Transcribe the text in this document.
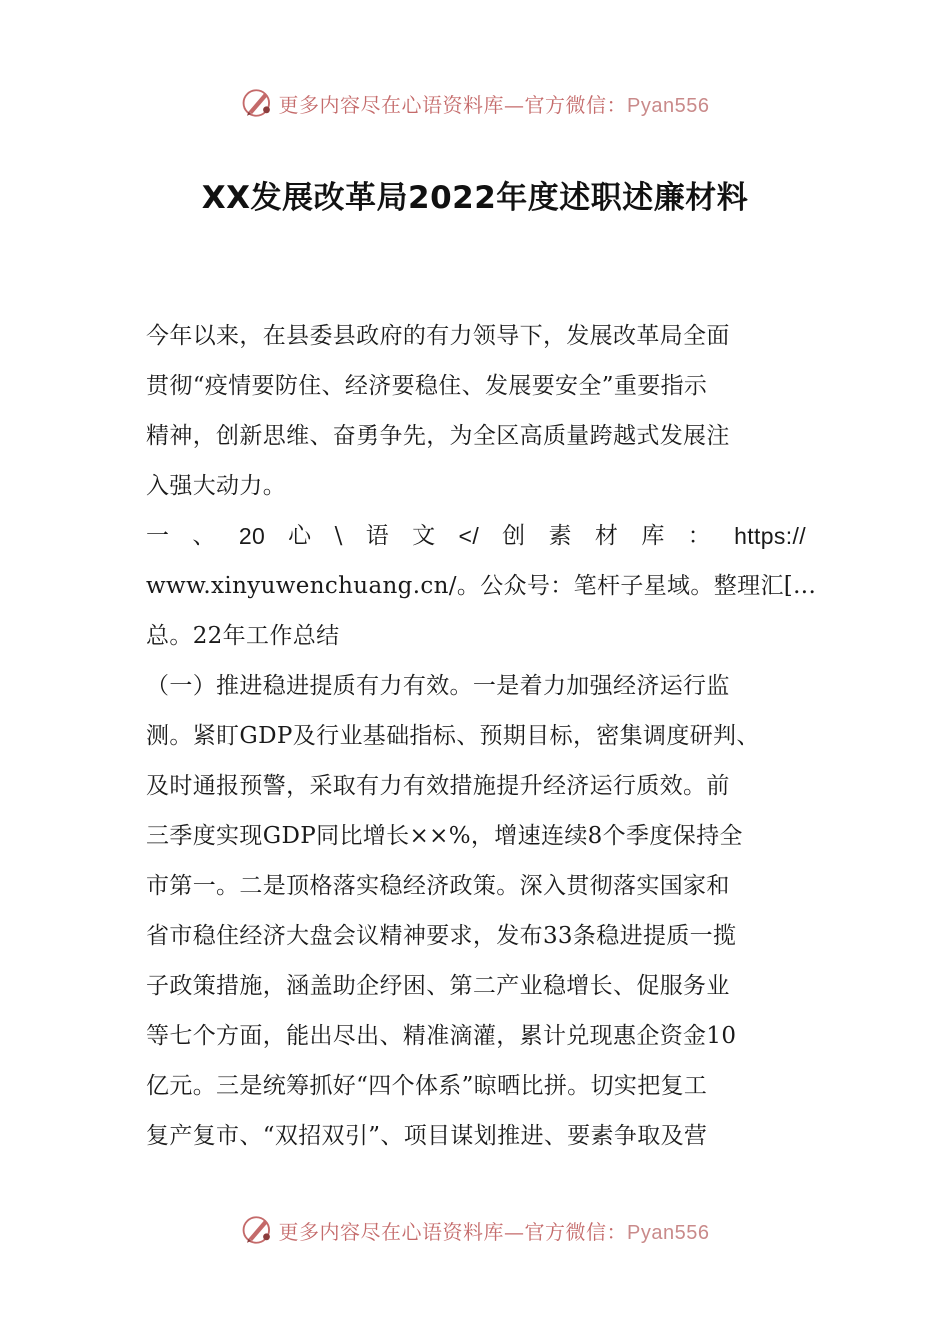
更多内容尽在心语资料库—官方微信：Pyan556
XX发展改革局2022年度述职述廉材料
今年以来，在县委县政府的有力领导下，发展改革局全面
贯彻“疫情要防住、经济要稳住、发展要安全”重要指示
精神，创新思维、奋勇争先，为全区高质量跨越式发展注
入强大动力。
一 、 20 心 \ 语 文 </ 创 素 材 库 ： https://
www.xinyuwenchuang.cn/。公众号：笔杆子星域。整理汇[...
总。22年工作总结
（一）推进稳进提质有力有效。一是着力加强经济运行监
测。紧盯GDP及行业基础指标、预期目标，密集调度研判、
及时通报预警，采取有力有效措施提升经济运行质效。前
三季度实现GDP同比增长××%，增速连续8个季度保持全
市第一。二是顶格落实稳经济政策。深入贯彻落实国家和
省市稳住经济大盘会议精神要求，发布33条稳进提质一揽
子政策措施，涵盖助企纾困、第二产业稳增长、促服务业
等七个方面，能出尽出、精准滴灌，累计兑现惠企资金10
亿元。三是统筹抓好“四个体系”晾晒比拼。切实把复工
复产复市、“双招双引”、项目谋划推进、要素争取及营
更多内容尽在心语资料库—官方微信：Pyan556
